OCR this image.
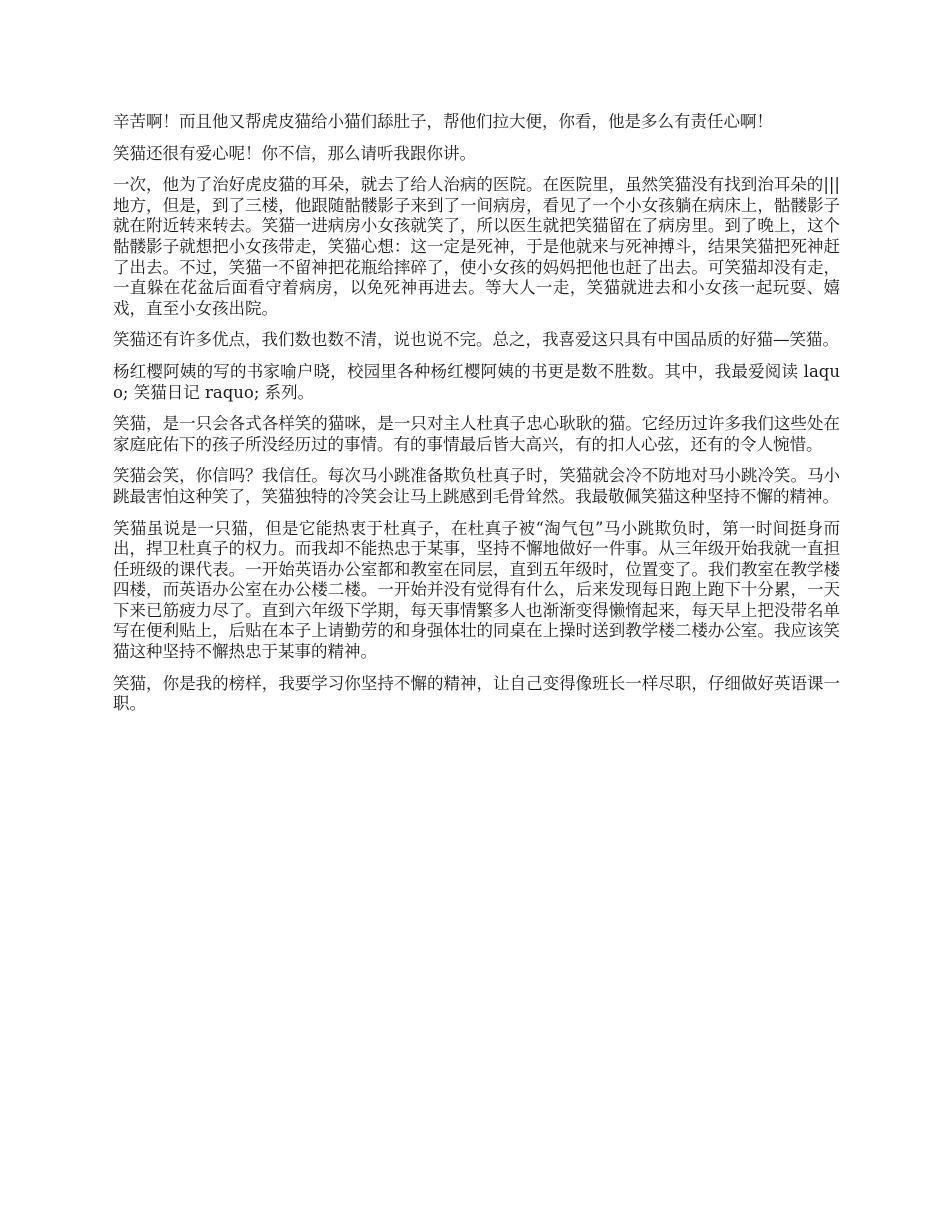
辛苦啊！而且他又帮虎皮猫给小猫们舔肚子，帮他们拉大便，你看，他是多么有责任心啊！

笑猫还很有爱心呢！你不信，那么请听我跟你讲。

一次，他为了治好虎皮猫的耳朵，就去了给人治病的医院。在医院里，虽然笑猫没有找到治耳朵的|||地方，但是，到了三楼，他跟随骷髅影子来到了一间病房，看见了一个小女孩躺在病床上，骷髅影子就在附近转来转去。笑猫一进病房小女孩就笑了，所以医生就把笑猫留在了病房里。到了晚上，这个骷髅影子就想把小女孩带走，笑猫心想：这一定是死神，于是他就来与死神搏斗，结果笑猫把死神赶了出去。不过，笑猫一不留神把花瓶给摔碎了，使小女孩的妈妈把他也赶了出去。可笑猫却没有走，一直躲在花盆后面看守着病房，以免死神再进去。等大人一走，笑猫就进去和小女孩一起玩耍、嬉戏，直至小女孩出院。

笑猫还有许多优点，我们数也数不清，说也说不完。总之，我喜爱这只具有中国品质的好猫—笑猫。

杨红樱阿姨的写的书家喻户晓，校园里各种杨红樱阿姨的书更是数不胜数。其中，我最爱阅读 laquo; 笑猫日记 raquo; 系列。

笑猫，是一只会各式各样笑的猫咪，是一只对主人杜真子忠心耿耿的猫。它经历过许多我们这些处在家庭庇佑下的孩子所没经历过的事情。有的事情最后皆大高兴，有的扣人心弦，还有的令人惋惜。

笑猫会笑，你信吗？我信任。每次马小跳准备欺负杜真子时，笑猫就会冷不防地对马小跳冷笑。马小跳最害怕这种笑了，笑猫独特的冷笑会让马上跳感到毛骨耸然。我最敬佩笑猫这种坚持不懈的精神。

笑猫虽说是一只猫，但是它能热衷于杜真子，在杜真子被“淘气包”马小跳欺负时，第一时间挺身而出，捍卫杜真子的权力。而我却不能热忠于某事，坚持不懈地做好一件事。从三年级开始我就一直担任班级的课代表。一开始英语办公室都和教室在同层，直到五年级时，位置变了。我们教室在教学楼四楼，而英语办公室在办公楼二楼。一开始并没有觉得有什么，后来发现每日跑上跑下十分累，一天下来已筋疲力尽了。直到六年级下学期，每天事情繁多人也渐渐变得懒惰起来，每天早上把没带名单写在便利贴上，后贴在本子上请勤劳的和身强体壮的同桌在上操时送到教学楼二楼办公室。我应该笑猫这种坚持不懈热忠于某事的精神。

笑猫，你是我的榜样，我要学习你坚持不懈的精神，让自己变得像班长一样尽职，仔细做好英语课一职。
